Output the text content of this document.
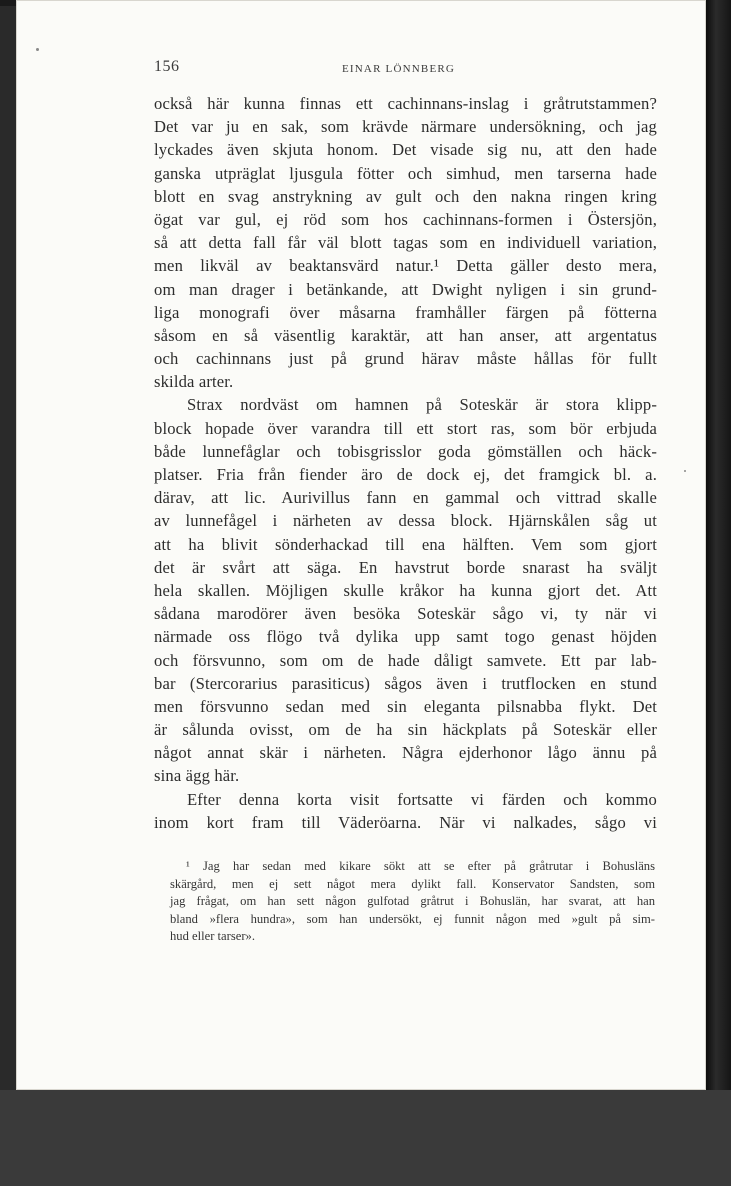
156	EINAR LÖNNBERG
också här kunna finnas ett cachinnans-inslag i gråtrutstammen?
Det var ju en sak, som krävde närmare undersökning, och jag
lyckades även skjuta honom. Det visade sig nu, att den hade
ganska utpräglat ljusgula fötter och simhud, men tarserna hade
blott en svag anstrykning av gult och den nakna ringen kring
ögat var gul, ej röd som hos cachinnans-formen i Östersjön,
så att detta fall får väl blott tagas som en individuell variation,
men likväl av beaktansvärd natur.¹ Detta gäller desto mera,
om man drager i betänkande, att Dwight nyligen i sin grund-
liga monografi över måsarna framhåller färgen på fötterna
såsom en så väsentlig karaktär, att han anser, att argentatus
och cachinnans just på grund härav måste hållas för fullt
skilda arter.
Strax nordväst om hamnen på Soteskär är stora klipp-
block hopade över varandra till ett stort ras, som bör erbjuda
både lunnefåglar och tobisgrisslor goda gömställen och häck-
platser. Fria från fiender äro de dock ej, det framgick bl. a.
därav, att lic. Aurivillus fann en gammal och vittrad skalle
av lunnefågel i närheten av dessa block. Hjärnskålen såg ut
att ha blivit sönderhackad till ena hälften. Vem som gjort
det är svårt att säga. En havstrut borde snarast ha sväljt
hela skallen. Möjligen skulle kråkor ha kunna gjort det. Att
sådana marodörer även besöka Soteskär sågo vi, ty när vi
närmade oss flögo två dylika upp samt togo genast höjden
och försvunno, som om de hade dåligt samvete. Ett par lab-
bar (Stercorarius parasiticus) sågos även i trutflocken en stund
men försvunno sedan med sin eleganta pilsnabba flykt. Det
är sålunda ovisst, om de ha sin häckplats på Soteskär eller
något annat skär i närheten. Några ejderhonor lågo ännu på
sina ägg här.
Efter denna korta visit fortsatte vi färden och kommo
inom kort fram till Väderöarna. När vi nalkades, sågo vi
¹ Jag har sedan med kikare sökt att se efter på gråtrutar i Bohusläns
skärgård, men ej sett något mera dylikt fall. Konservator Sandsten, som
jag frågat, om han sett någon gulfotad gråtrut i Bohuslän, har svarat, att han
bland »flera hundra», som han undersökt, ej funnit någon med »gult på sim-
hud eller tarser».
